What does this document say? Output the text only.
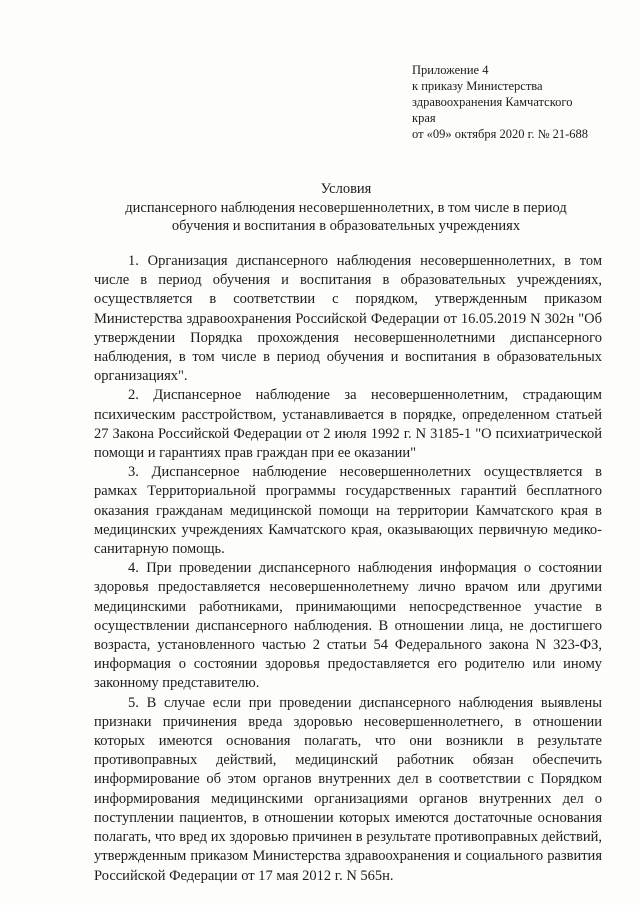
Приложение 4
к приказу Министерства
здравоохранения Камчатского
края
от «09» октября 2020 г. № 21-688
Условия
диспансерного наблюдения несовершеннолетних, в том числе в период
обучения и воспитания в образовательных учреждениях

1. Организация диспансерного наблюдения несовершеннолетних, в том числе в период обучения и воспитания в образовательных учреждениях, осуществляется в соответствии с порядком, утвержденным приказом Министерства здравоохранения Российской Федерации от 16.05.2019 N 302н "Об утверждении Порядка прохождения несовершеннолетними диспансерного наблюдения, в том числе в период обучения и воспитания в образовательных организациях".

2. Диспансерное наблюдение за несовершеннолетним, страдающим психическим расстройством, устанавливается в порядке, определенном статьей 27 Закона Российской Федерации от 2 июля 1992 г. N 3185-1 "О психиатрической помощи и гарантиях прав граждан при ее оказании"

3. Диспансерное наблюдение несовершеннолетних осуществляется в рамках Территориальной программы государственных гарантий бесплатного оказания гражданам медицинской помощи на территории Камчатского края в медицинских учреждениях Камчатского края, оказывающих первичную медико-санитарную помощь.

4. При проведении диспансерного наблюдения информация о состоянии здоровья предоставляется несовершеннолетнему лично врачом или другими медицинскими работниками, принимающими непосредственное участие в осуществлении диспансерного наблюдения. В отношении лица, не достигшего возраста, установленного частью 2 статьи 54 Федерального закона N 323-ФЗ, информация о состоянии здоровья предоставляется его родителю или иному законному представителю.

5. В случае если при проведении диспансерного наблюдения выявлены признаки причинения вреда здоровью несовершеннолетнего, в отношении которых имеются основания полагать, что они возникли в результате противоправных действий, медицинский работник обязан обеспечить информирование об этом органов внутренних дел в соответствии с Порядком информирования медицинскими организациями органов внутренних дел о поступлении пациентов, в отношении которых имеются достаточные основания полагать, что вред их здоровью причинен в результате противоправных действий, утвержденным приказом Министерства здравоохранения и социального развития Российской Федерации от 17 мая 2012 г. N 565н.
